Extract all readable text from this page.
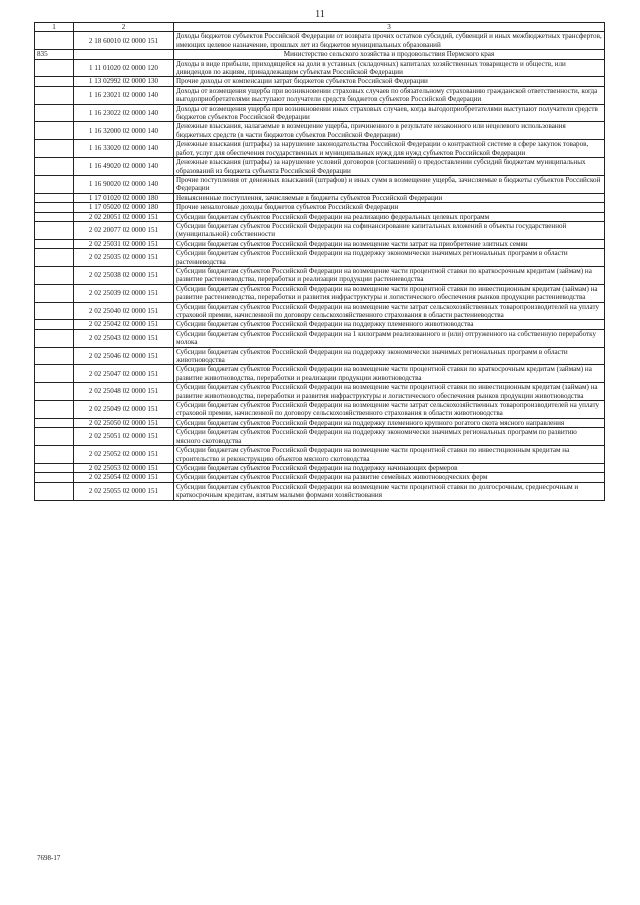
11
1	2	3
	2 18 60010 02 0000 151	Доходы бюджетов субъектов Российской Федерации от возврата прочих остатков субсидий, субвенций и иных межбюджетных трансфертов, имеющих целевое назначение, прошлых лет из бюджетов муниципальных образований
835		Министерство сельского хозяйства и продовольствия Пермского края
	1 11 01020 02 0000 120	Доходы в виде прибыли, приходящейся на доли в уставных (складочных) капиталах хозяйственных товариществ и обществ, или дивидендов по акциям, принадлежащим субъектам Российской Федерации
	1 13 02992 02 0000 130	Прочие доходы от компенсации затрат бюджетов субъектов Российской Федерации
	1 16 23021 02 0000 140	Доходы от возмещения ущерба при возникновении страховых случаев по обязательному страхованию гражданской ответственности, когда выгодоприобретателями выступают получатели средств бюджетов субъектов Российской Федерации
	1 16 23022 02 0000 140	Доходы от возмещения ущерба при возникновении иных страховых случаев, когда выгодоприобретателями выступают получатели средств бюджетов субъектов Российской Федерации
	1 16 32000 02 0000 140	Денежные взыскания, налагаемые в возмещение ущерба, причиненного в результате незаконного или нецелевого использования бюджетных средств (в части бюджетов субъектов Российской Федерации)
	1 16 33020 02 0000 140	Денежные взыскания (штрафы) за нарушение законодательства Российской Федерации о контрактной системе в сфере закупок товаров, работ, услуг для обеспечения государственных и муниципальных нужд для нужд субъектов Российской Федерации
	1 16 49020 02 0000 140	Денежные взыскания (штрафы) за нарушение условий договоров (соглашений) о предоставлении субсидий бюджетам муниципальных образований из бюджета субъекта Российской Федерации
	1 16 90020 02 0000 140	Прочие поступления от денежных взысканий (штрафов) и иных сумм в возмещение ущерба, зачисляемые в бюджеты субъектов Российской Федерации
	1 17 01020 02 0000 180	Невыясненные поступления, зачисляемые в бюджеты субъектов Российской Федерации
	1 17 05020 02 0000 180	Прочие неналоговые доходы бюджетов субъектов Российской Федерации
	2 02 20051 02 0000 151	Субсидии бюджетам субъектов Российской Федерации на реализацию федеральных целевых программ
	2 02 20077 02 0000 151	Субсидии бюджетам субъектов Российской Федерации на софинансирование капитальных вложений в объекты государственной (муниципальной) собственности
	2 02 25031 02 0000 151	Субсидии бюджетам субъектов Российской Федерации на возмещение части затрат на приобретение элитных семян
	2 02 25035 02 0000 151	Субсидии бюджетам субъектов Российской Федерации на поддержку экономически значимых региональных программ в области растениеводства
	2 02 25038 02 0000 151	Субсидии бюджетам субъектов Российской Федерации на возмещение части процентной ставки по краткосрочным кредитам (займам) на развитие растениеводства, переработки и реализации продукции растениеводства
	2 02 25039 02 0000 151	Субсидии бюджетам субъектов Российской Федерации на возмещение части процентной ставки по инвестиционным кредитам (займам) на развитие растениеводства, переработки и развития инфраструктуры и логистического обеспечения рынков продукции растениеводства
	2 02 25040 02 0000 151	Субсидии бюджетам субъектов Российской Федерации на возмещение части затрат сельскохозяйственных товаропроизводителей на уплату страховой премии, начисленной по договору сельскохозяйственного страхования в области растениеводства
	2 02 25042 02 0000 151	Субсидии бюджетам субъектов Российской Федерации на поддержку племенного животноводства
	2 02 25043 02 0000 151	Субсидии бюджетам субъектов Российской Федерации на 1 килограмм реализованного и (или) отгруженного на собственную переработку молока
	2 02 25046 02 0000 151	Субсидии бюджетам субъектов Российской Федерации на поддержку экономически значимых региональных программ в области животноводства
	2 02 25047 02 0000 151	Субсидии бюджетам субъектов Российской Федерации на возмещение части процентной ставки по краткосрочным кредитам (займам) на развитие животноводства, переработки и реализации продукции животноводства
	2 02 25048 02 0000 151	Субсидии бюджетам субъектов Российской Федерации на возмещение части процентной ставки по инвестиционным кредитам (займам) на развитие животноводства, переработки и развития инфраструктуры и логистического обеспечения рынков продукции животноводства
	2 02 25049 02 0000 151	Субсидии бюджетам субъектов Российской Федерации на возмещение части затрат сельскохозяйственных товаропроизводителей на уплату страховой премии, начисленной по договору сельскохозяйственного страхования в области животноводства
	2 02 25050 02 0000 151	Субсидии бюджетам субъектов Российской Федерации на поддержку племенного крупного рогатого скота мясного направления
	2 02 25051 02 0000 151	Субсидии бюджетам субъектов Российской Федерации на поддержку экономически значимых региональных программ по развитию мясного скотоводства
	2 02 25052 02 0000 151	Субсидии бюджетам субъектов Российской Федерации на возмещение части процентной ставки по инвестиционным кредитам на строительство и реконструкцию объектов мясного скотоводства
	2 02 25053 02 0000 151	Субсидии бюджетам субъектов Российской Федерации на поддержку начинающих фермеров
	2 02 25054 02 0000 151	Субсидии бюджетам субъектов Российской Федерации на развитие семейных животноводческих ферм
	2 02 25055 02 0000 151	Субсидии бюджетам субъектов Российской Федерации на возмещение части процентной ставки по долгосрочным, среднесрочным и краткосрочным кредитам, взятым малыми формами хозяйствования
7698-17
